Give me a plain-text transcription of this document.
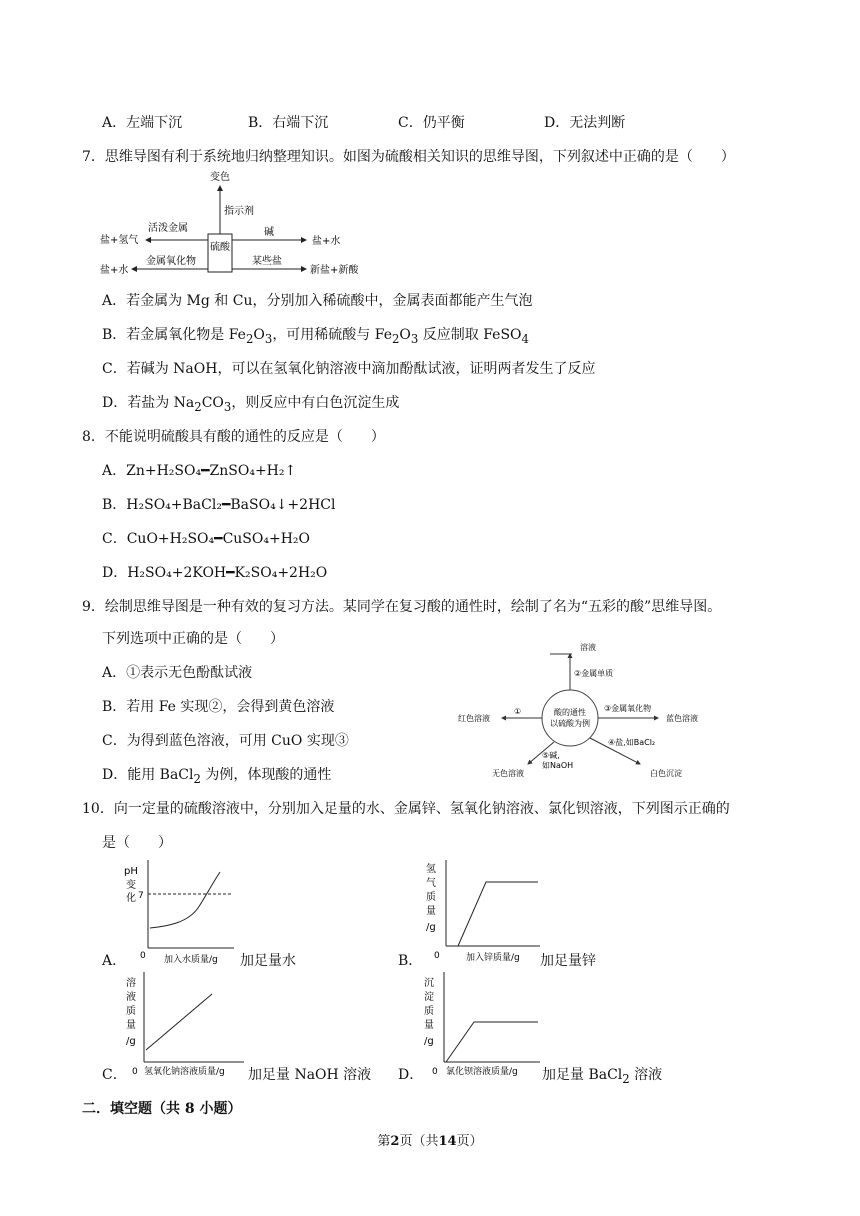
A．左端下沉	B．右端下沉	C．仍平衡	D．无法判断
7．思维导图有利于系统地归纳整理知识。如图为硫酸相关知识的思维导图，下列叙述中正确的是（　　）
硫酸
变色
指示剂
活泼金属
盐+氢气
金属氧化物
盐+水
碱
盐+水
某些盐
新盐+新酸
A．若金属为 Mg 和 Cu，分别加入稀硫酸中，金属表面都能产生气泡
B．若金属氧化物是 $Fe_2O_3$，可用稀硫酸与 $Fe_2O_3$ 反应制取 FeSO$_4$
C．若碱为 NaOH，可以在氢氧化钠溶液中滴加酚酞试液，证明两者发生了反应
D．若盐为 $Na_2CO_3$，则反应中有白色沉淀生成
8．不能说明硫酸具有酸的通性的反应是（　　）
A．Zn+H₂SO₄━ZnSO₄+H₂↑
B．H₂SO₄+BaCl₂━BaSO₄↓+2HCl
C．CuO+H₂SO₄━CuSO₄+H₂O
D．H₂SO₄+2KOH━K₂SO₄+2H₂O
9．绘制思维导图是一种有效的复习方法。某同学在复习酸的通性时，绘制了名为“五彩的酸”思维导图。
下列选项中正确的是（　　）
A．①表示无色酚酞试液
B．若用 Fe 实现②，会得到黄色溶液
C．为得到蓝色溶液，可用 CuO 实现③
D．能用 BaCl$_2$ 为例，体现酸的通性
酸的通性
以硫酸为例
溶液
②金属单质
①
红色溶液
③金属氧化物
蓝色溶液
④盐,如BaCl₂
白色沉淀
⑤碱,
如NaOH
无色溶液
10．向一定量的硫酸溶液中，分别加入足量的水、金属锌、氢氧化钠溶液、氯化钡溶液，下列图示正确的
是（　　）
A．
pH
变
化 7
0 加入水质量/g 加足量水	B．
氢
气
质
量
/g
0	加入锌质量/g 加足量锌
C．
溶
液
质
量
/g
0 氢氧化钠溶液质量/g 加足量 NaOH 溶液 D．
沉
淀
质
量
/g
0 氯化钡溶液质量/g 加足量 BaCl$_2$ 溶液
二．填空题（共 8 小题）
第2页（共14页）
